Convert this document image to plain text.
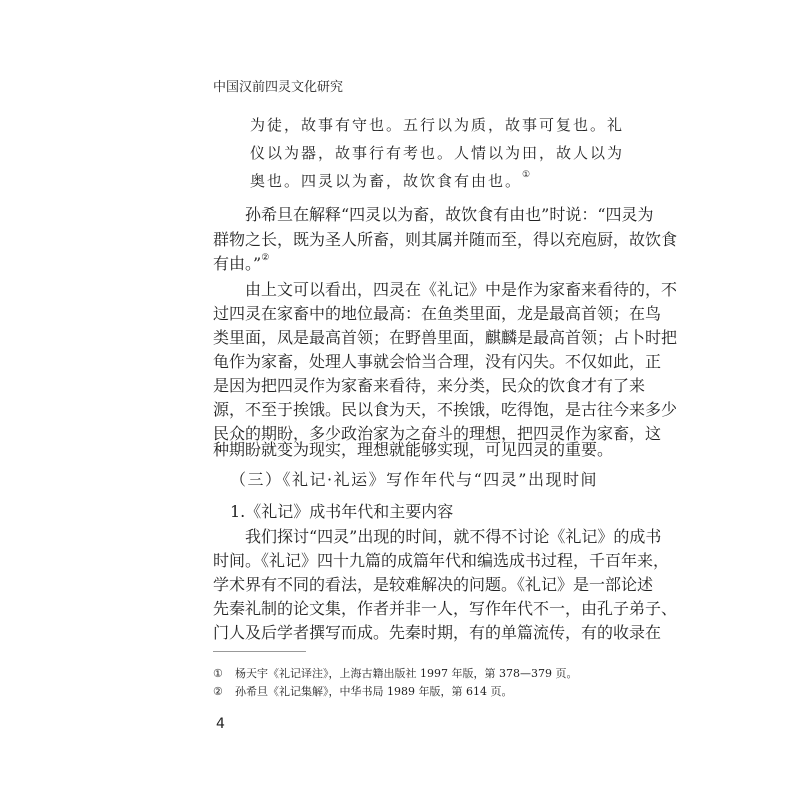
中国汉前四灵文化研究
为徒，故事有守也。五行以为质，故事可复也。礼
仪以为器，故事行有考也。人情以为田，故人以为
奥也。四灵以为畜，故饮食有由也。①
孙希旦在解释“四灵以为畜，故饮食有由也”时说：“四灵为
群物之长，既为圣人所畜，则其属并随而至，得以充庖厨，故饮食
有由。”②
由上文可以看出，四灵在《礼记》中是作为家畜来看待的，不
过四灵在家畜中的地位最高：在鱼类里面，龙是最高首领；在鸟
类里面，凤是最高首领；在野兽里面，麒麟是最高首领；占卜时把
龟作为家畜，处理人事就会恰当合理，没有闪失。不仅如此，正
是因为把四灵作为家畜来看待，来分类，民众的饮食才有了来
源，不至于挨饿。民以食为天，不挨饿，吃得饱，是古往今来多少
民众的期盼，多少政治家为之奋斗的理想，把四灵作为家畜，这
种期盼就变为现实，理想就能够实现，可见四灵的重要。
（三）《礼记·礼运》写作年代与“四灵”出现时间
1.《礼记》成书年代和主要内容
我们探讨“四灵”出现的时间，就不得不讨论《礼记》的成书
时间。《礼记》四十九篇的成篇年代和编选成书过程，千百年来，
学术界有不同的看法，是较难解决的问题。《礼记》是一部论述
先秦礼制的论文集，作者并非一人，写作年代不一，由孔子弟子、
门人及后学者撰写而成。先秦时期，有的单篇流传，有的收录在
① 杨天宇《礼记译注》，上海古籍出版社 1997 年版，第 378—379 页。
② 孙希旦《礼记集解》，中华书局 1989 年版，第 614 页。
4
